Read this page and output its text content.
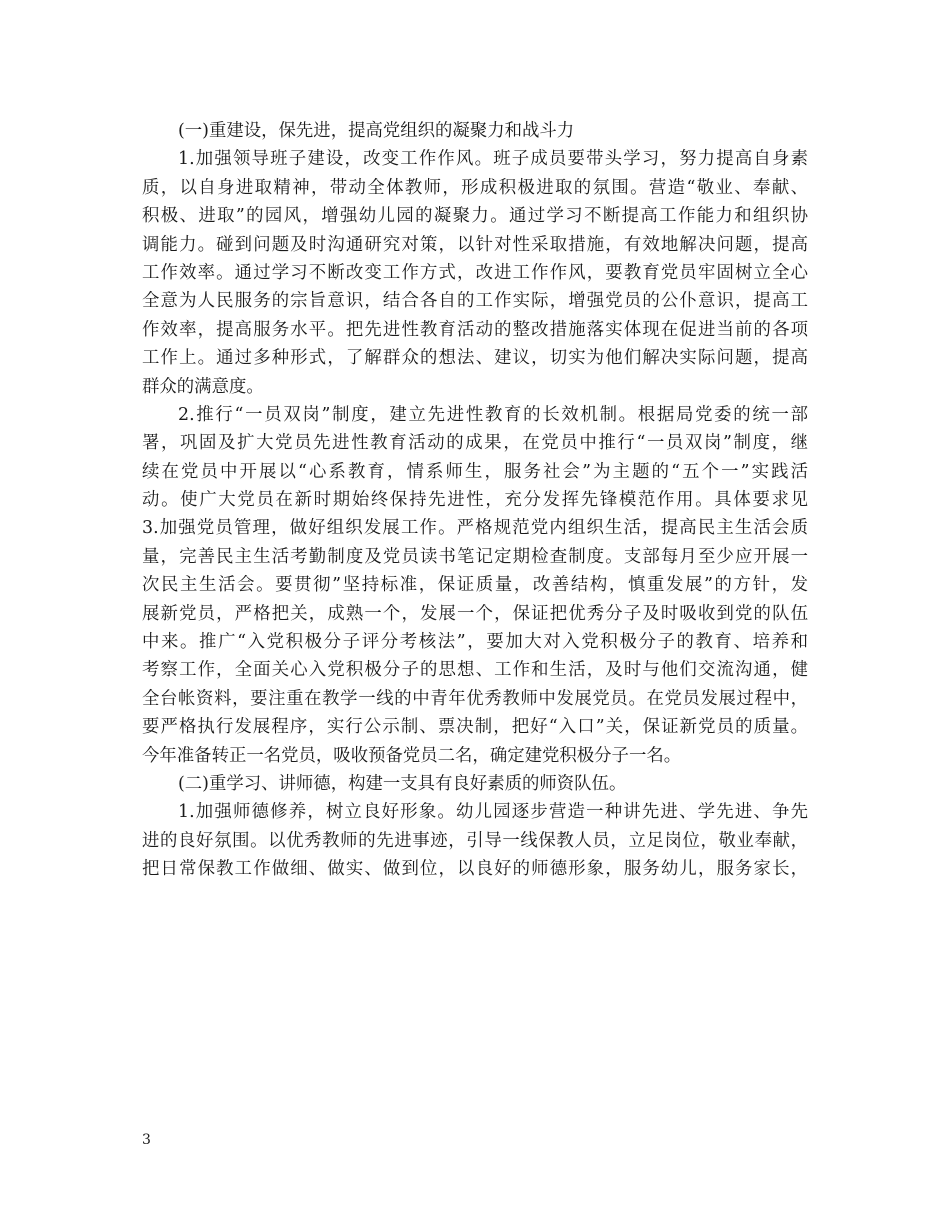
(一)重建设，保先进，提高党组织的凝聚力和战斗力
1.加强领导班子建设，改变工作作风。班子成员要带头学习，努力提高自身素
质，以自身进取精神，带动全体教师，形成积极进取的氛围。营造“敬业、奉献、
积极、进取”的园风，增强幼儿园的凝聚力。通过学习不断提高工作能力和组织协
调能力。碰到问题及时沟通研究对策，以针对性采取措施，有效地解决问题，提高
工作效率。通过学习不断改变工作方式，改进工作作风，要教育党员牢固树立全心
全意为人民服务的宗旨意识，结合各自的工作实际，增强党员的公仆意识，提高工
作效率，提高服务水平。把先进性教育活动的整改措施落实体现在促进当前的各项
工作上。通过多种形式，了解群众的想法、建议，切实为他们解决实际问题，提高
群众的满意度。
2.推行“一员双岗”制度，建立先进性教育的长效机制。根据局党委的统一部
署，巩固及扩大党员先进性教育活动的成果，在党员中推行“一员双岗”制度，继
续在党员中开展以“心系教育，情系师生，服务社会”为主题的“五个一”实践活
动。使广大党员在新时期始终保持先进性，充分发挥先锋模范作用。具体要求见
3.加强党员管理，做好组织发展工作。严格规范党内组织生活，提高民主生活会质
量，完善民主生活考勤制度及党员读书笔记定期检查制度。支部每月至少应开展一
次民主生活会。要贯彻”坚持标准，保证质量，改善结构，慎重发展”的方针，发
展新党员，严格把关，成熟一个，发展一个，保证把优秀分子及时吸收到党的队伍
中来。推广“入党积极分子评分考核法”，要加大对入党积极分子的教育、培养和
考察工作，全面关心入党积极分子的思想、工作和生活，及时与他们交流沟通，健
全台帐资料，要注重在教学一线的中青年优秀教师中发展党员。在党员发展过程中，
要严格执行发展程序，实行公示制、票决制，把好“入口”关，保证新党员的质量。
今年准备转正一名党员，吸收预备党员二名，确定建党积极分子一名。
(二)重学习、讲师德，构建一支具有良好素质的师资队伍。
1.加强师德修养，树立良好形象。幼儿园逐步营造一种讲先进、学先进、争先
进的良好氛围。以优秀教师的先进事迹，引导一线保教人员，立足岗位，敬业奉献，
把日常保教工作做细、做实、做到位，以良好的师德形象，服务幼儿，服务家长，
3
